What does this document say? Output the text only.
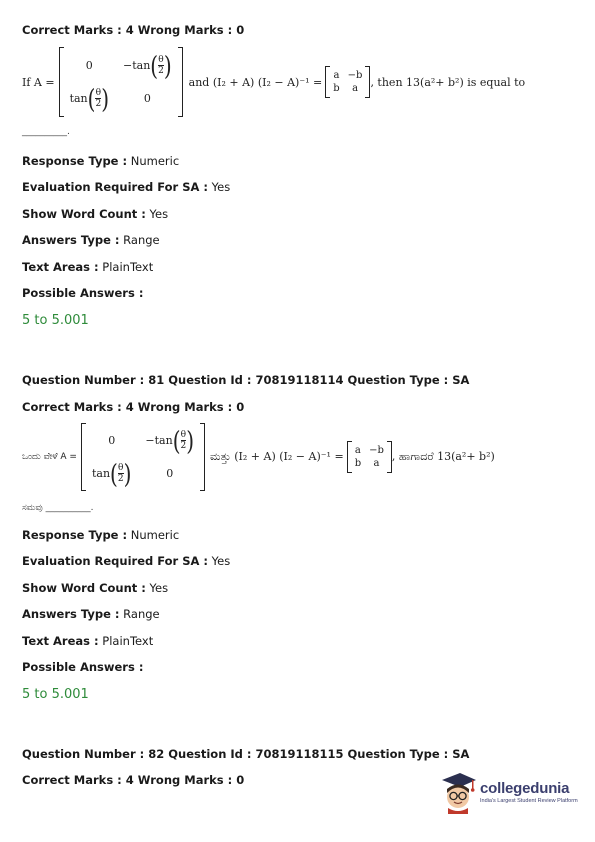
Correct Marks : 4 Wrong Marks : 0
If A =
0	−tan ( $\frac{\theta}{2}$ )
tan ( $\frac{\theta}{2}$ )	0
and (I₂ + A) (I₂ − A)⁻¹ = a −b
b a , then 13(a²+ b²) is equal to
__________.
Response Type : Numeric
Evaluation Required For SA : Yes
Show Word Count : Yes
Answers Type : Range
Text Areas : PlainText
Possible Answers :
5 to 5.001
Question Number : 81 Question Id : 70819118114 Question Type : SA
Correct Marks : 4 Wrong Marks : 0
ಒಂದು ವೇಳೆ A =
0	−tan ( $\frac{\theta}{2}$ )
tan ( $\frac{\theta}{2}$ )	0
ಮತ್ತು (I₂ + A) (I₂ − A)⁻¹ = a −b
b a
, ಹಾಗಾದರೆ 13(a²+ b²)
ಸಮವು __________.
Response Type : Numeric
Evaluation Required For SA : Yes
Show Word Count : Yes
Answers Type : Range
Text Areas : PlainText
Possible Answers :
5 to 5.001
Question Number : 82 Question Id : 70819118115 Question Type : SA
Correct Marks : 4 Wrong Marks : 0	collegedunia
India's Largest Student Review Platform
